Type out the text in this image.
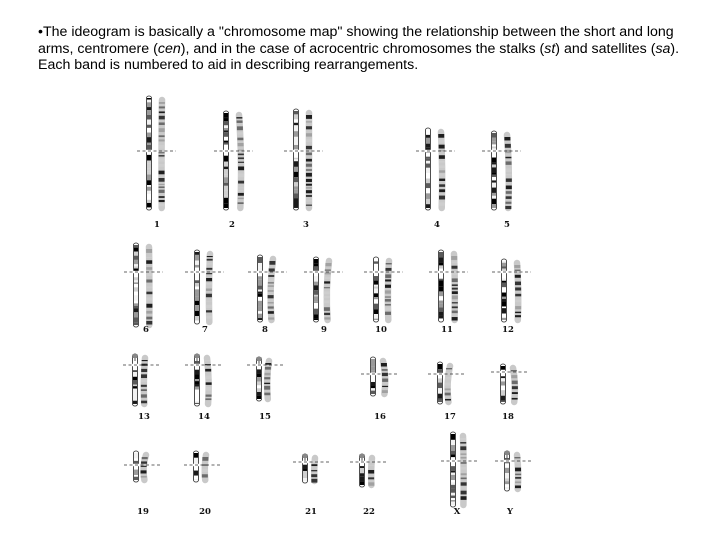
•The ideogram is basically a "chromosome map" showing the relationship between the short and long arms, centromere (cen), and in the case of acrocentric chromosomes the stalks (st) and satellites (sa). Each band is numbered to aid in describing rearrangements.

1	2	3	4	5
6	7	8	9	10	11	12
13	14	15	16	17	18
19	20	21	22	X	Y
